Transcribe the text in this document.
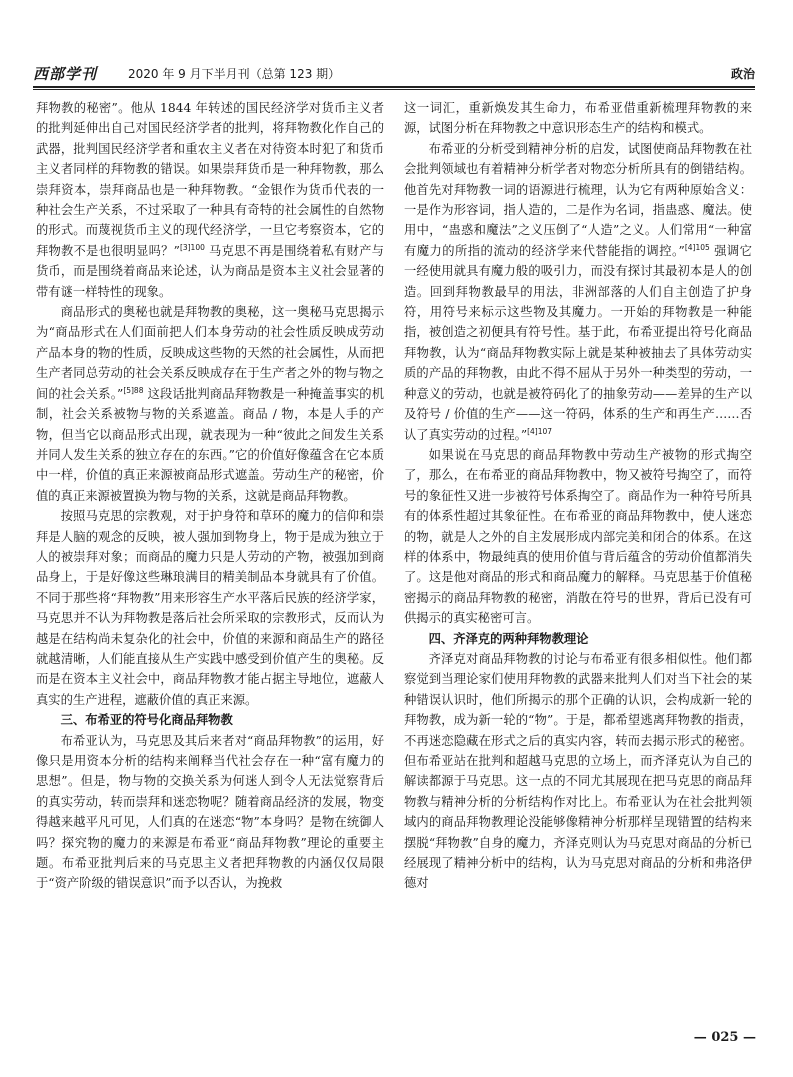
西部学刊	2020 年 9 月下半月刊（总第 123 期）	政治

拜物教的秘密”。他从 1844 年转述的国民经济学对货币主义者的批判延伸出自己对国民经济学者的批判，将拜物教化作自己的武器，批判国民经济学者和重农主义者在对待资本时犯了和货币主义者同样的拜物教的错误。如果崇拜货币是一种拜物教，那么崇拜资本，崇拜商品也是一种拜物教。“金银作为货币代表的一种社会生产关系，不过采取了一种具有奇特的社会属性的自然物的形式。而蔑视货币主义的现代经济学，一旦它考察资本，它的拜物教不是也很明显吗？”$^{[3]100}$ 马克思不再是围绕着私有财产与货币，而是围绕着商品来论述，认为商品是资本主义社会显著的带有谜一样特性的现象。

商品形式的奥秘也就是拜物教的奥秘，这一奥秘马克思揭示为“商品形式在人们面前把人们本身劳动的社会性质反映成劳动产品本身的物的性质，反映成这些物的天然的社会属性，从而把生产者同总劳动的社会关系反映成存在于生产者之外的物与物之间的社会关系。”$^{[5]88}$ 这段话批判商品拜物教是一种掩盖事实的机制，社会关系被物与物的关系遮盖。商品 / 物，本是人手的产物，但当它以商品形式出现，就表现为一种“彼此之间发生关系并同人发生关系的独立存在的东西。”它的价值好像蕴含在它本质中一样，价值的真正来源被商品形式遮盖。劳动生产的秘密，价值的真正来源被置换为物与物的关系，这就是商品拜物教。

按照马克思的宗教观，对于护身符和草环的魔力的信仰和崇拜是人脑的观念的反映，被人强加到物身上，物于是成为独立于人的被崇拜对象；而商品的魔力只是人劳动的产物，被强加到商品身上，于是好像这些琳琅满目的精美制品本身就具有了价值。不同于那些将“拜物教”用来形容生产水平落后民族的经济学家，马克思并不认为拜物教是落后社会所采取的宗教形式，反而认为越是在结构尚未复杂化的社会中，价值的来源和商品生产的路径就越清晰，人们能直接从生产实践中感受到价值产生的奥秘。反而是在资本主义社会中，商品拜物教才能占据主导地位，遮蔽人真实的生产进程，遮蔽价值的真正来源。

三、布希亚的符号化商品拜物教

布希亚认为，马克思及其后来者对“商品拜物教”的运用，好像只是用资本分析的结构来阐释当代社会存在一种“富有魔力的思想”。但是，物与物的交换关系为何迷人到令人无法觉察背后的真实劳动，转而崇拜和迷恋物呢？随着商品经济的发展，物变得越来越平凡可见，人们真的在迷恋“物”本身吗？是物在统御人吗？探究物的魔力的来源是布希亚“商品拜物教”理论的重要主题。布希亚批判后来的马克思主义者把拜物教的内涵仅仅局限于“资产阶级的错误意识”而予以否认，为挽救

这一词汇，重新焕发其生命力，布希亚借重新梳理拜物教的来源，试图分析在拜物教之中意识形态生产的结构和模式。

布希亚的分析受到精神分析的启发，试图使商品拜物教在社会批判领域也有着精神分析学者对物恋分析所具有的倒错结构。他首先对拜物教一词的语源进行梳理，认为它有两种原始含义：一是作为形容词，指人造的，二是作为名词，指蛊惑、魔法。使用中，“蛊惑和魔法”之义压倒了“人造”之义。人们常用“一种富有魔力的所指的流动的经济学来代替能指的调控。”$^{[4]105}$ 强调它一经使用就具有魔力般的吸引力，而没有探讨其最初本是人的创造。回到拜物教最早的用法，非洲部落的人们自主创造了护身符，用符号来标示这些物及其魔力。一开始的拜物教是一种能指，被创造之初便具有符号性。基于此，布希亚提出符号化商品拜物教，认为“商品拜物教实际上就是某种被抽去了具体劳动实质的产品的拜物教，由此不得不屈从于另外一种类型的劳动，一种意义的劳动，也就是被符码化了的抽象劳动——差异的生产以及符号 / 价值的生产——这一符码，体系的生产和再生产……否认了真实劳动的过程。”$^{[4]107}$

如果说在马克思的商品拜物教中劳动生产被物的形式掏空了，那么，在布希亚的商品拜物教中，物又被符号掏空了，而符号的象征性又进一步被符号体系掏空了。商品作为一种符号所具有的体系性超过其象征性。在布希亚的商品拜物教中，使人迷恋的物，就是人之外的自主发展形成内部完美和闭合的体系。在这样的体系中，物最纯真的使用价值与背后蕴含的劳动价值都消失了。这是他对商品的形式和商品魔力的解释。马克思基于价值秘密揭示的商品拜物教的秘密，消散在符号的世界，背后已没有可供揭示的真实秘密可言。

四、齐泽克的两种拜物教理论

齐泽克对商品拜物教的讨论与布希亚有很多相似性。他们都察觉到当理论家们使用拜物教的武器来批判人们对当下社会的某种错误认识时，他们所揭示的那个正确的认识，会构成新一轮的拜物教，成为新一轮的“物”。于是，都希望逃离拜物教的指责，不再迷恋隐藏在形式之后的真实内容，转而去揭示形式的秘密。但布希亚站在批判和超越马克思的立场上，而齐泽克认为自己的解读都源于马克思。这一点的不同尤其展现在把马克思的商品拜物教与精神分析的分析结构作对比上。布希亚认为在社会批判领域内的商品拜物教理论没能够像精神分析那样呈现错置的结构来摆脱“拜物教”自身的魔力，齐泽克则认为马克思对商品的分析已经展现了精神分析中的结构，认为马克思对商品的分析和弗洛伊德对

— 025 —
